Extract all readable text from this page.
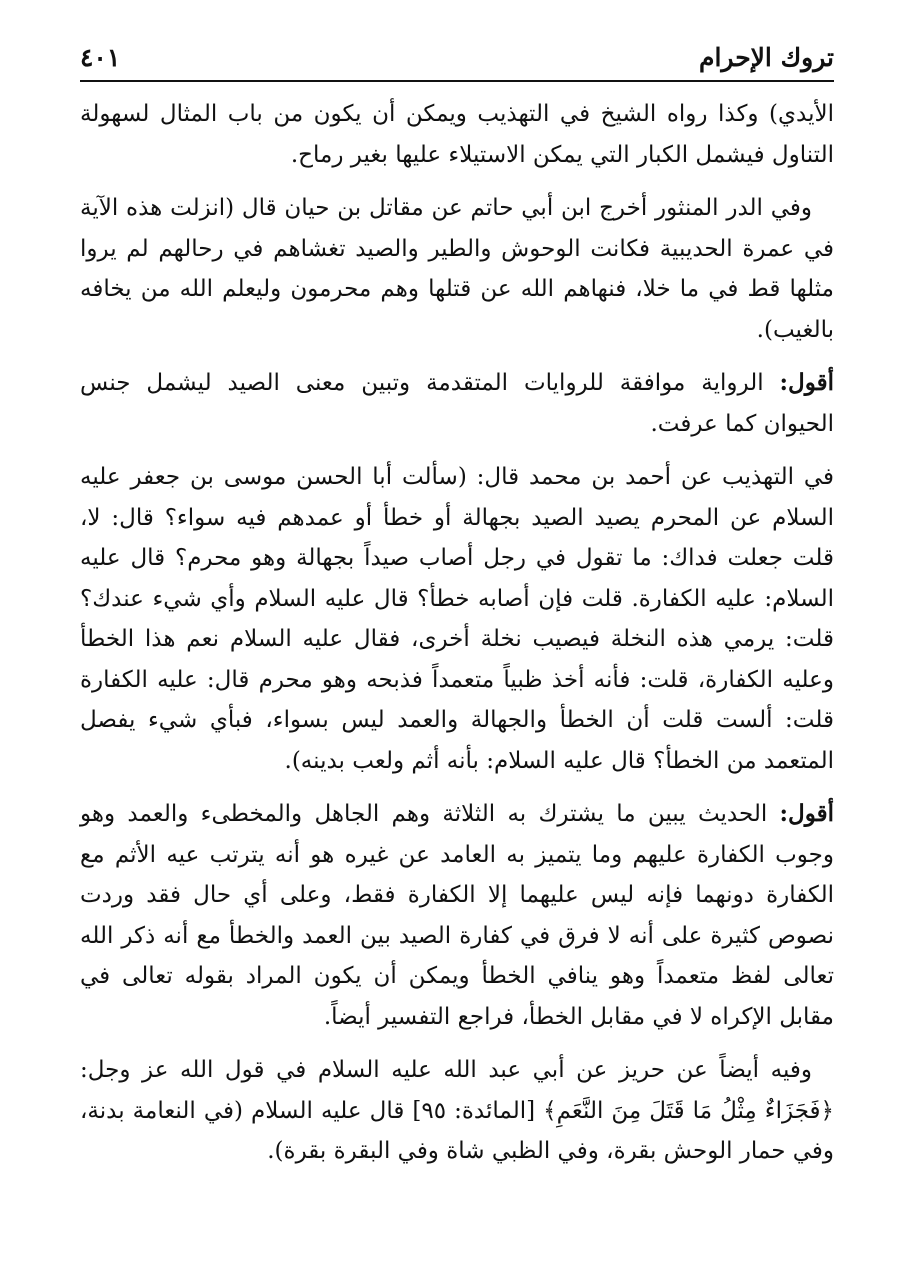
تروك الإحرام
٤٠١

الأيدي) وكذا رواه الشيخ في التهذيب ويمكن أن يكون من باب المثال لسهولة التناول فيشمل الكبار التي يمكن الاستيلاء عليها بغير رماح.

وفي الدر المنثور أخرج ابن أبي حاتم عن مقاتل بن حيان قال (انزلت هذه الآية في عمرة الحديبية فكانت الوحوش والطير والصيد تغشاهم في رحالهم لم يروا مثلها قط في ما خلا، فنهاهم الله عن قتلها وهم محرمون وليعلم الله من يخافه بالغيب).

أقول: الرواية موافقة للروايات المتقدمة وتبين معنى الصيد ليشمل جنس الحيوان كما عرفت.

في التهذيب عن أحمد بن محمد قال: (سألت أبا الحسن موسى بن جعفر عليه السلام عن المحرم يصيد الصيد بجهالة أو خطأ أو عمدهم فيه سواء؟ قال: لا، قلت جعلت فداك: ما تقول في رجل أصاب صيداً بجهالة وهو محرم؟ قال عليه السلام: عليه الكفارة. قلت فإن أصابه خطأ؟ قال عليه السلام وأي شيء عندك؟ قلت: يرمي هذه النخلة فيصيب نخلة أخرى، فقال عليه السلام نعم هذا الخطأ وعليه الكفارة، قلت: فأنه أخذ ظبياً متعمداً فذبحه وهو محرم قال: عليه الكفارة قلت: ألست قلت أن الخطأ والجهالة والعمد ليس بسواء، فبأي شيء يفصل المتعمد من الخطأ؟ قال عليه السلام: بأنه أثم ولعب بدينه).

أقول: الحديث يبين ما يشترك به الثلاثة وهم الجاهل والمخطىء والعمد وهو وجوب الكفارة عليهم وما يتميز به العامد عن غيره هو أنه يترتب عيه الأثم مع الكفارة دونهما فإنه ليس عليهما إلا الكفارة فقط، وعلى أي حال فقد وردت نصوص كثيرة على أنه لا فرق في كفارة الصيد بين العمد والخطأ مع أنه ذكر الله تعالى لفظ متعمداً وهو ينافي الخطأ ويمكن أن يكون المراد بقوله تعالى في مقابل الإكراه لا في مقابل الخطأ، فراجع التفسير أيضاً.

وفيه أيضاً عن حريز عن أبي عبد الله عليه السلام في قول الله عز وجل: ﴿فَجَزَاءٌ مِثْلُ مَا قَتَلَ مِنَ النَّعَمِ﴾ [المائدة: ٩٥] قال عليه السلام (في النعامة بدنة، وفي حمار الوحش بقرة، وفي الظبي شاة وفي البقرة بقرة).
